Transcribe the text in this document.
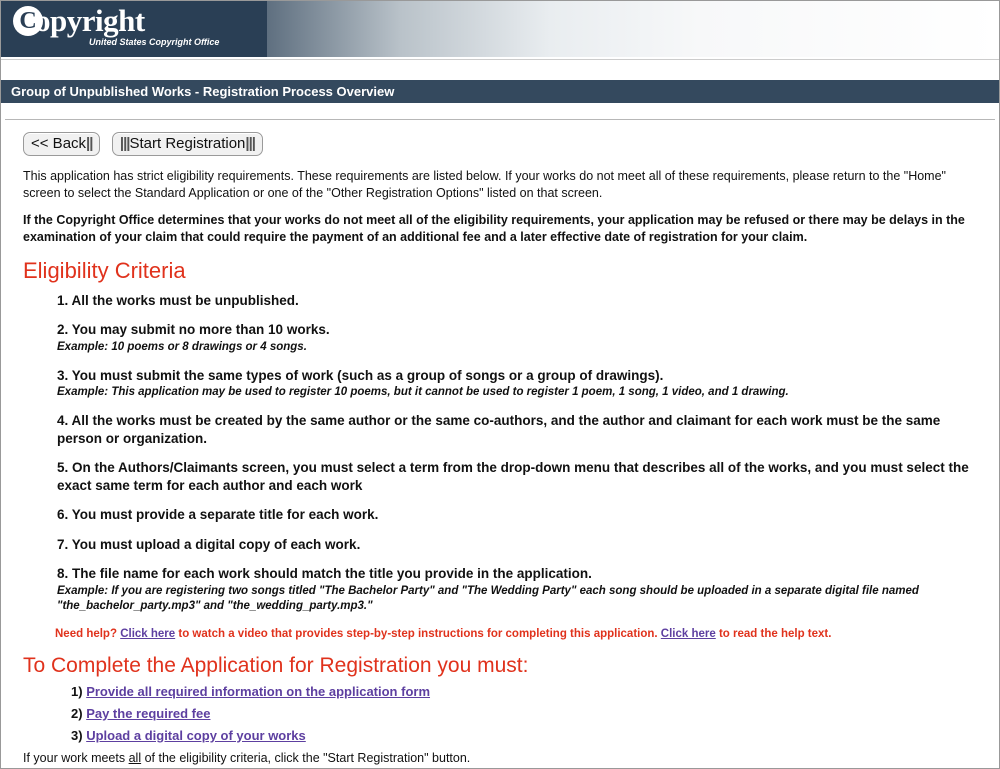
C
opyright
United States Copyright Office
Group of Unpublished Works - Registration Process Overview
<< Back|| |||Start Registration|||

This application has strict eligibility requirements. These requirements are listed below. If your works do not meet all of these requirements, please return to the "Home" screen to select the Standard Application or one of the "Other Registration Options" listed on that screen.

If the Copyright Office determines that your works do not meet all of the eligibility requirements, your application may be refused or there may be delays in the examination of your claim that could require the payment of an additional fee and a later effective date of registration for your claim.

Eligibility Criteria
All the works must be unpublished.
You may submit no more than 10 works.
Example: 10 poems or 8 drawings or 4 songs.
You must submit the same types of work (such as a group of songs or a group of drawings).
Example: This application may be used to register 10 poems, but it cannot be used to register 1 poem, 1 song, 1 video, and 1 drawing.
All the works must be created by the same author or the same co-authors, and the author and claimant for each work must be the same person or organization.
On the Authors/Claimants screen, you must select a term from the drop-down menu that describes all of the works, and you must select the exact same term for each author and each work
You must provide a separate title for each work.
You must upload a digital copy of each work.
The file name for each work should match the title you provide in the application.
Example: If you are registering two songs titled "The Bachelor Party" and "The Wedding Party" each song should be uploaded in a separate digital file named "the_bachelor_party.mp3" and "the_wedding_party.mp3."

Need help? Click here to watch a video that provides step-by-step instructions for completing this application. Click here to read the help text.

To Complete the Application for Registration you must:
Provide all required information on the application form
Pay the required fee
Upload a digital copy of your works

If your work meets all of the eligibility criteria, click the "Start Registration" button.
